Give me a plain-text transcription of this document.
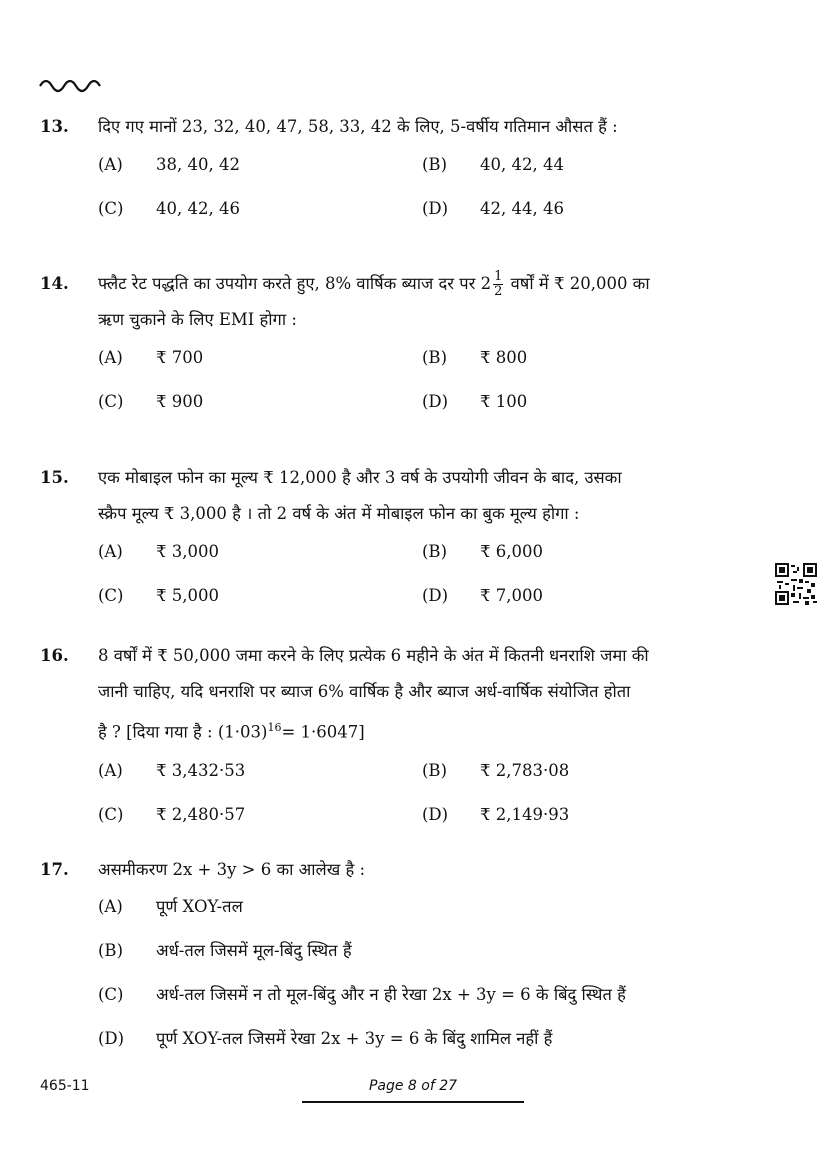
13. दिए गए मानों 23, 32, 40, 47, 58, 33, 42 के लिए, 5-वर्षीय गतिमान औसत हैं :
(A) 38, 40, 42	(B) 40, 42, 44
(C) 40, 42, 46	(D) 42, 44, 46
14. फ्लैट रेट पद्धति का उपयोग करते हुए, 8% वार्षिक ब्याज दर पर $2 \frac{1}{2}$ वर्षों में ₹ 20,000 का
ऋण चुकाने के लिए EMI होगा :
(A) ₹ 700	(B) ₹ 800
(C) ₹ 900	(D) ₹ 100
15. एक मोबाइल फोन का मूल्य ₹ 12,000 है और 3 वर्ष के उपयोगी जीवन के बाद, उसका
स्क्रैप मूल्य ₹ 3,000 है । तो 2 वर्ष के अंत में मोबाइल फोन का बुक मूल्य होगा :
(A) ₹ 3,000	(B) ₹ 6,000
(C) ₹ 5,000	(D) ₹ 7,000
16. 8 वर्षों में ₹ 50,000 जमा करने के लिए प्रत्येक 6 महीने के अंत में कितनी धनराशि जमा की
जानी चाहिए, यदि धनराशि पर ब्याज 6% वार्षिक है और ब्याज अर्ध-वार्षिक संयोजित होता
है ? [दिया गया है : $(1\cdot 03)^{16}= 1\cdot 6047$]
(A) ₹ 3,432·53	(B) ₹ 2,783·08
(C) ₹ 2,480·57	(D) ₹ 2,149·93
17. असमीकरण 2x + 3y > 6 का आलेख है :
(A) पूर्ण XOY-तल
(B) अर्ध-तल जिसमें मूल-बिंदु स्थित हैं
(C) अर्ध-तल जिसमें न तो मूल-बिंदु और न ही रेखा 2x + 3y = 6 के बिंदु स्थित हैं
(D) पूर्ण XOY-तल जिसमें रेखा 2x + 3y = 6 के बिंदु शामिल नहीं हैं
465-11	Page 8 of 27
